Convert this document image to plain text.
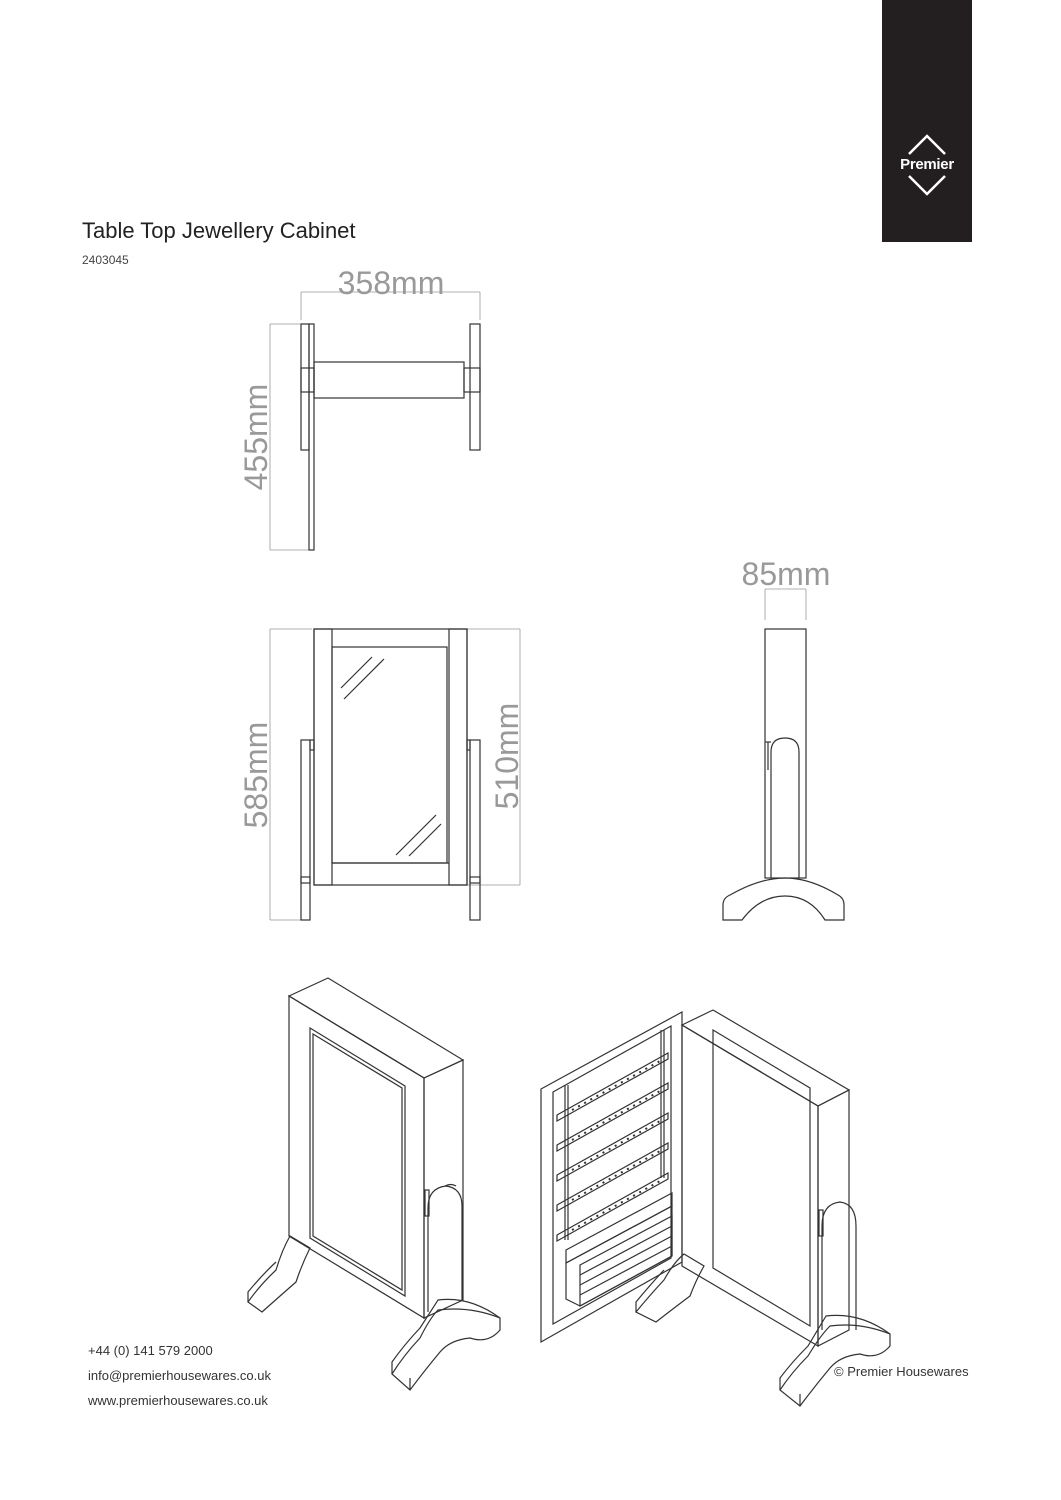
Premier
Table Top Jewellery Cabinet
2403045
358mm
455mm
585mm	510mm
85mm
+44 (0) 141 579 2000
info@premierhousewares.co.uk
www.premierhousewares.co.uk
© Premier Housewares
